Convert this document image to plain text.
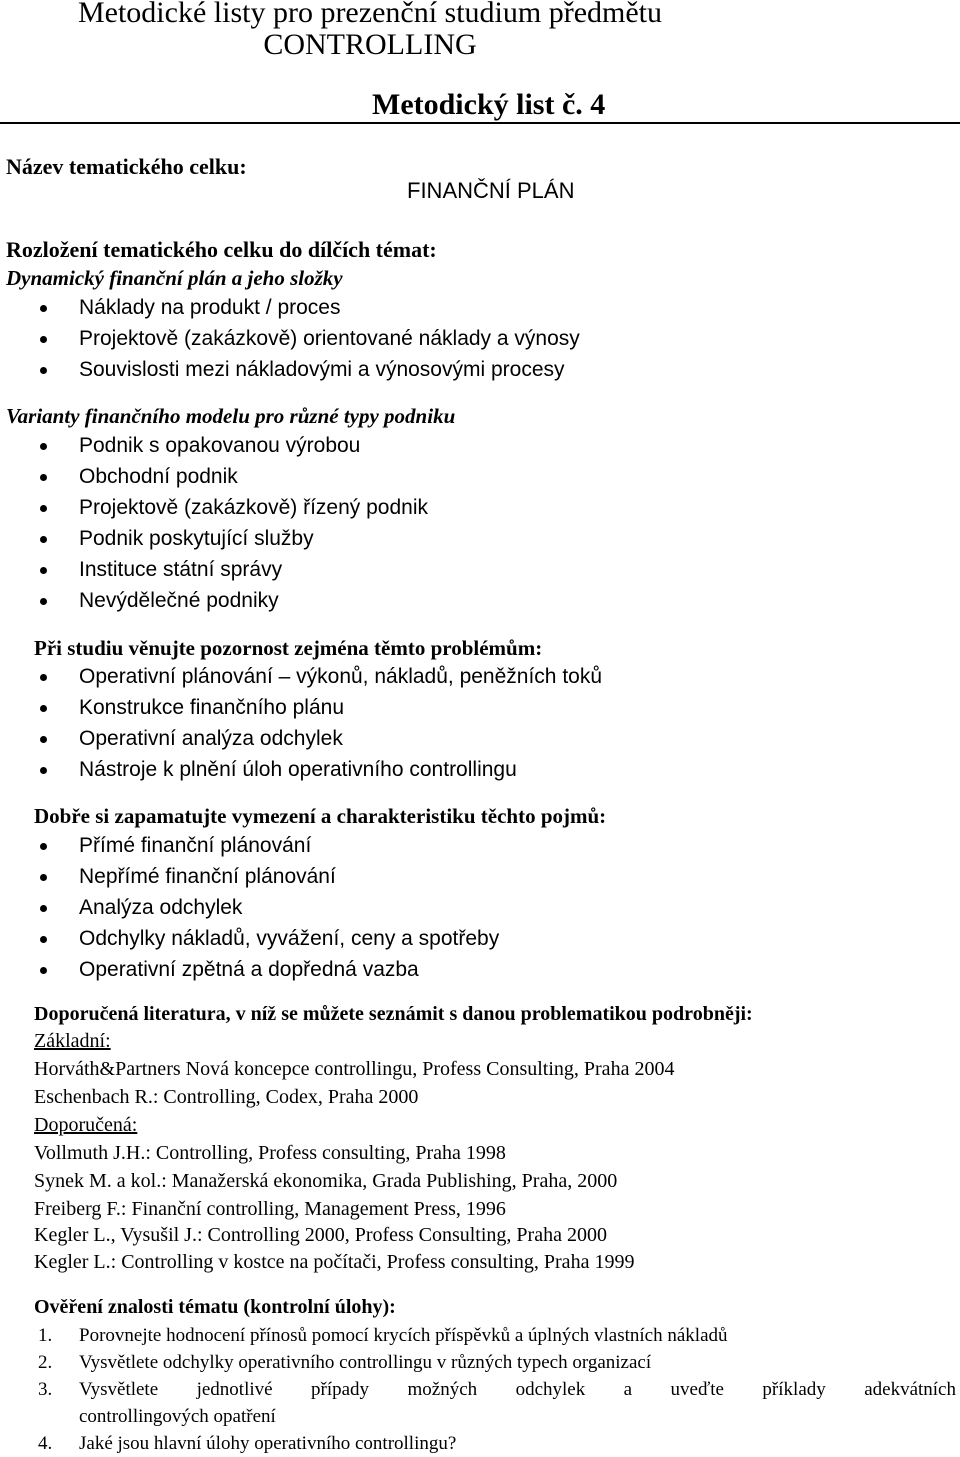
Metodické listy pro prezenční studium předmětu
CONTROLLING
Metodický list č. 4
Název tematického celku:
FINANČNÍ PLÁN
Rozložení tematického celku do dílčích témat:
Dynamický finanční plán a jeho složky
Náklady na produkt / proces
Projektově (zakázkově) orientované náklady a výnosy
Souvislosti mezi nákladovými a výnosovými procesy
Varianty finančního modelu pro různé typy podniku
Podnik s opakovanou výrobou
Obchodní podnik
Projektově (zakázkově) řízený podnik
Podnik poskytující služby
Instituce státní správy
Nevýdělečné podniky
Při studiu věnujte pozornost zejména těmto problémům:
Operativní plánování – výkonů, nákladů, peněžních toků
Konstrukce finančního plánu
Operativní analýza odchylek
Nástroje k plnění úloh operativního controllingu
Dobře si zapamatujte vymezení a charakteristiku těchto pojmů:
Přímé finanční plánování
Nepřímé finanční plánování
Analýza odchylek
Odchylky nákladů, vyvážení, ceny a spotřeby
Operativní zpětná a dopředná vazba
Doporučená literatura, v níž se můžete seznámit s danou problematikou podrobněji:
Základní:
Horváth&Partners Nová koncepce controllingu, Profess Consulting, Praha 2004
Eschenbach R.: Controlling, Codex, Praha 2000
Doporučená:
Vollmuth J.H.: Controlling, Profess consulting, Praha 1998
Synek M. a kol.: Manažerská ekonomika, Grada Publishing, Praha, 2000
Freiberg F.: Finanční controlling, Management Press, 1996
Kegler L., Vysušil J.: Controlling 2000, Profess Consulting, Praha 2000
Kegler L.: Controlling v kostce na počítači, Profess consulting, Praha 1999
Ověření znalosti tématu (kontrolní úlohy):
1. Porovnejte hodnocení přínosů pomocí krycích příspěvků a úplných vlastních nákladů
2. Vysvětlete odchylky operativního controllingu v různých typech organizací
3. Vysvětlete jednotlivé případy možných odchylek a uveďte příklady adekvátních
controllingových opatření
4. Jaké jsou hlavní úlohy operativního controllingu?
